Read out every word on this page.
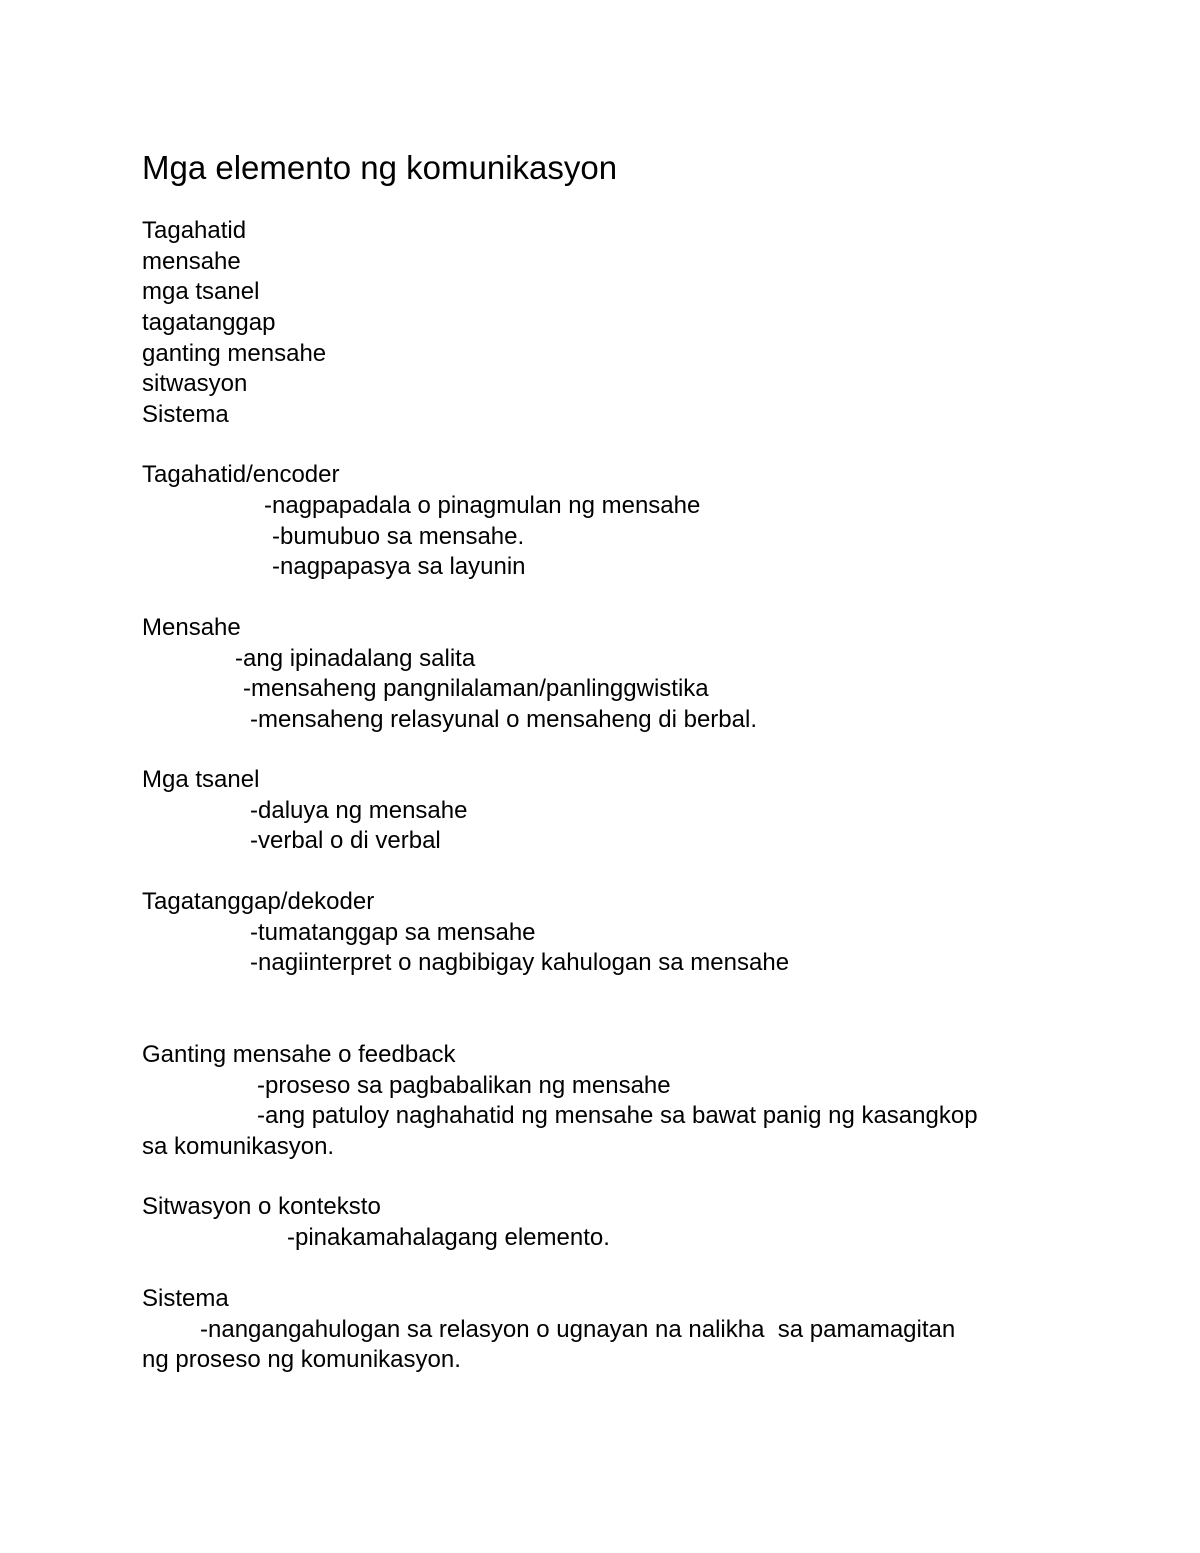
Mga elemento ng komunikasyon

Tagahatid

mensahe

mga tsanel

tagatanggap

ganting mensahe

sitwasyon

Sistema

Tagahatid/encoder

-nagpapadala o pinagmulan ng mensahe

-bumubuo sa mensahe.

-nagpapasya sa layunin

Mensahe

-ang ipinadalang salita

-mensaheng pangnilalaman/panlinggwistika

-mensaheng relasyunal o mensaheng di berbal.

Mga tsanel

-daluya ng mensahe

-verbal o di verbal

Tagatanggap/dekoder

-tumatanggap sa mensahe

-nagiinterpret o nagbibigay kahulogan sa mensahe

Ganting mensahe o feedback

-proseso sa pagbabalikan ng mensahe

-ang patuloy naghahatid ng mensahe sa bawat panig ng kasangkop

sa komunikasyon.

Sitwasyon o konteksto

-pinakamahalagang elemento.

Sistema

-nangangahulogan sa relasyon o ugnayan na nalikha  sa pamamagitan

ng proseso ng komunikasyon.
